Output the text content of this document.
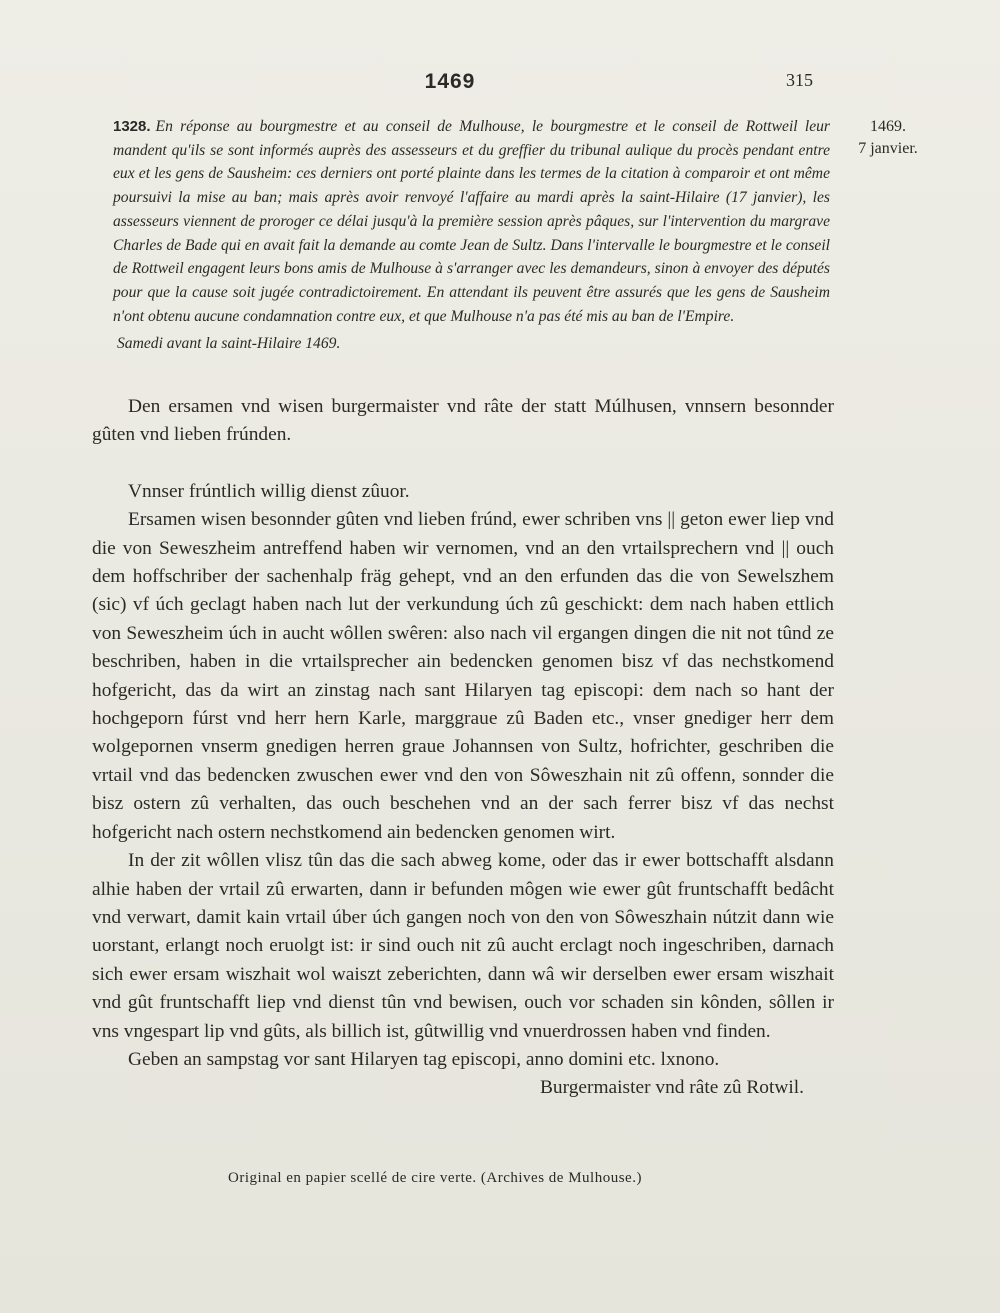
1469	315
1469.
7 janvier.

1328. En réponse au bourgmestre et au conseil de Mulhouse, le bourgmestre et le conseil de Rottweil leur mandent qu'ils se sont informés auprès des assesseurs et du greffier du tribunal aulique du procès pendant entre eux et les gens de Sausheim: ces derniers ont porté plainte dans les termes de la citation à comparoir et ont même poursuivi la mise au ban; mais après avoir renvoyé l'affaire au mardi après la saint-Hilaire (17 janvier), les assesseurs viennent de proroger ce délai jusqu'à la première session après pâques, sur l'intervention du margrave Charles de Bade qui en avait fait la demande au comte Jean de Sultz. Dans l'intervalle le bourgmestre et le conseil de Rottweil engagent leurs bons amis de Mulhouse à s'arranger avec les demandeurs, sinon à envoyer des députés pour que la cause soit jugée contradictoirement. En attendant ils peuvent être assurés que les gens de Sausheim n'ont obtenu aucune condamnation contre eux, et que Mulhouse n'a pas été mis au ban de l'Empire.

Samedi avant la saint-Hilaire 1469.

Den ersamen vnd wisen burgermaister vnd râte der statt Múlhusen, vnnsern besonnder gûten vnd lieben frúnden.

Vnnser frúntlich willig dienst zûuor.

Ersamen wisen besonnder gûten vnd lieben frúnd, ewer schriben vns || geton ewer liep vnd die von Seweszheim antreffend haben wir vernomen, vnd an den vrtailsprechern vnd || ouch dem hoffschriber der sachenhalp fräg gehept, vnd an den erfunden das die von Sewelszhem (sic) vf úch geclagt haben nach lut der verkundung úch zû geschickt: dem nach haben ettlich von Seweszheim úch in aucht wôllen swêren: also nach vil ergangen dingen die nit not tûnd ze beschriben, haben in die vrtailsprecher ain bedencken genomen bisz vf das nechstkomend hofgericht, das da wirt an zinstag nach sant Hilaryen tag episcopi: dem nach so hant der hochgeporn fúrst vnd herr hern Karle, marggraue zû Baden etc., vnser gnediger herr dem wolgepornen vnserm gnedigen herren graue Johannsen von Sultz, hofrichter, geschriben die vrtail vnd das bedencken zwuschen ewer vnd den von Sôweszhain nit zû offenn, sonnder die bisz ostern zû verhalten, das ouch beschehen vnd an der sach ferrer bisz vf das nechst hofgericht nach ostern nechstkomend ain bedencken genomen wirt.

In der zit wôllen vlisz tûn das die sach abweg kome, oder das ir ewer bottschafft alsdann alhie haben der vrtail zû erwarten, dann ir befunden môgen wie ewer gût fruntschafft bedâcht vnd verwart, damit kain vrtail úber úch gangen noch von den von Sôweszhain nútzit dann wie uorstant, erlangt noch eruolgt ist: ir sind ouch nit zû aucht erclagt noch ingeschriben, darnach sich ewer ersam wiszhait wol waiszt zeberichten, dann wâ wir derselben ewer ersam wiszhait vnd gût fruntschafft liep vnd dienst tûn vnd bewisen, ouch vor schaden sin kônden, sôllen ir vns vngespart lip vnd gûts, als billich ist, gûtwillig vnd vnuerdrossen haben vnd finden.

Geben an sampstag vor sant Hilaryen tag episcopi, anno domini etc. lxnono.

Burgermaister vnd râte zû Rotwil.

Original en papier scellé de cire verte. (Archives de Mulhouse.)
